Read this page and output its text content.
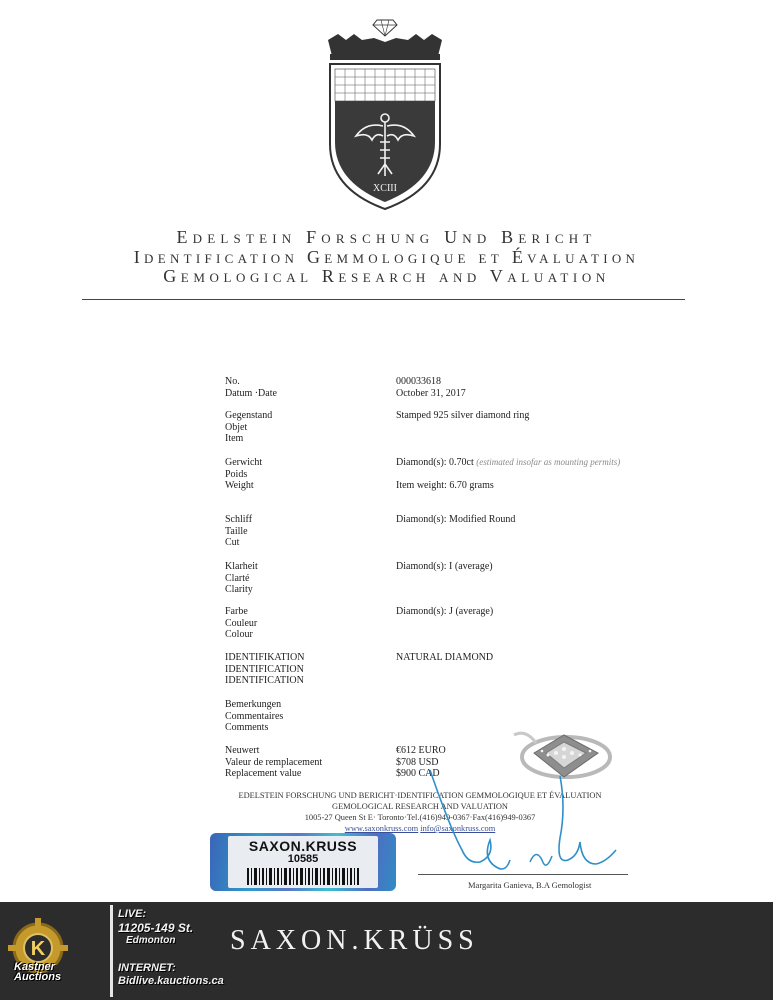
XCIII
Edelstein Forschung Und Bericht
Identification Gemmologique et Évaluation
Gemological Research and Valuation
No.	000033618
Datum ·Date	October 31, 2017
Gegenstand
Objet
Item
Stamped 925 silver diamond ring
Gerwicht
Poids
Weight
Diamond(s): 0.70ct (estimated insofar as mounting permits)
Item weight: 6.70 grams
Schliff
Taille
Cut
Diamond(s): Modified Round
Klarheit
Clarté
Clarity
Diamond(s): I (average)
Farbe
Couleur
Colour
Diamond(s): J (average)
IDENTIFIKATION
IDENTIFICATION
IDENTIFICATION
NATURAL DIAMOND
Bemerkungen
Commentaires
Comments
Neuwert
Valeur de remplacement
Replacement value
€612 EURO
$708 USD
$900 CAD
EDELSTEIN FORSCHUNG UND BERICHT·IDENTIFICATION GEMMOLOGIQUE ET ÉVALUATION
GEMOLOGICAL RESEARCH AND VALUATION
1005-27 Queen St E· Toronto·Tel.(416)949-0367·Fax(416)949-0367
www.saxonkruss.com info@saxonkruss.com
Margarita Ganieva, B.A Gemologist
SAXON.KRUSS
10585
SAXON.KRÜSS
K
Kastner
Auctions
LIVE:
11205-149 St.
Edmonton
INTERNET:
Bidlive.kauctions.ca
